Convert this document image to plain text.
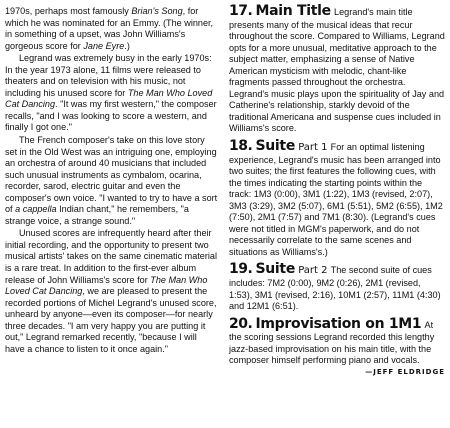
1970s, perhaps most famously Brian's Song, for which he was nominated for an Emmy. (The winner, in something of a upset, was John Williams's gorgeous score for Jane Eyre.)

Legrand was extremely busy in the early 1970s: In the year 1973 alone, 11 films were released to theaters and on television with his music, not including his unused score for The Man Who Loved Cat Dancing. "It was my first western," the composer recalls, "and I was looking to score a western, and finally I got one."

The French composer's take on this love story set in the Old West was an intriguing one, employing an orchestra of around 40 musicians that included such unusual instruments as cymbalom, ocarina, recorder, sarod, electric guitar and even the composer's own voice. "I wanted to try to have a sort of a cappella Indian chant," he remembers, "a strange voice, a strange sound."

Unused scores are infrequently heard after their initial recording, and the opportunity to present two musical artists' takes on the same cinematic material is a rare treat. In addition to the first-ever album release of John Williams's score for The Man Who Loved Cat Dancing, we are pleased to present the recorded portions of Michel Legrand's unused score, unheard by anyone—even its composer—for nearly three decades. "I am very happy you are putting it out," Legrand remarked recently, "because I will have a chance to listen to it once again."

17. Main Title Legrand's main title presents many of the musical ideas that recur throughout the score. Compared to Williams, Legrand opts for a more unusual, meditative approach to the subject matter, emphasizing a sense of Native American mysticism with melodic, chant-like fragments passed throughout the orchestra. Legrand's music plays upon the spirituality of Jay and Catherine's relationship, starkly devoid of the traditional Americana and suspense cues included in Williams's score.
18. Suite Part 1 For an optimal listening experience, Legrand's music has been arranged into two suites; the first features the following cues, with the times indicating the starting points within the track: 1M3 (0:00), 3M1 (1:22), 1M3 (revised, 2:07), 3M3 (3:29), 3M2 (5:07), 6M1 (5:51), 5M2 (6:55), 1M2 (7:50), 2M1 (7:57) and 7M1 (8:30). (Legrand's cues were not titled in MGM's paperwork, and do not necessarily correlate to the same scenes and situations as Williams's.)
19. Suite Part 2 The second suite of cues includes: 7M2 (0:00), 9M2 (0:26), 2M1 (revised, 1:53), 3M1 (revised, 2:16), 10M1 (2:57), 11M1 (4:30) and 12M1 (6:51).
20. Improvisation on 1M1 At the scoring sessions Legrand recorded this lengthy jazz-based improvisation on his main title, with the composer himself performing piano and vocals.
—JEFF ELDRIDGE
